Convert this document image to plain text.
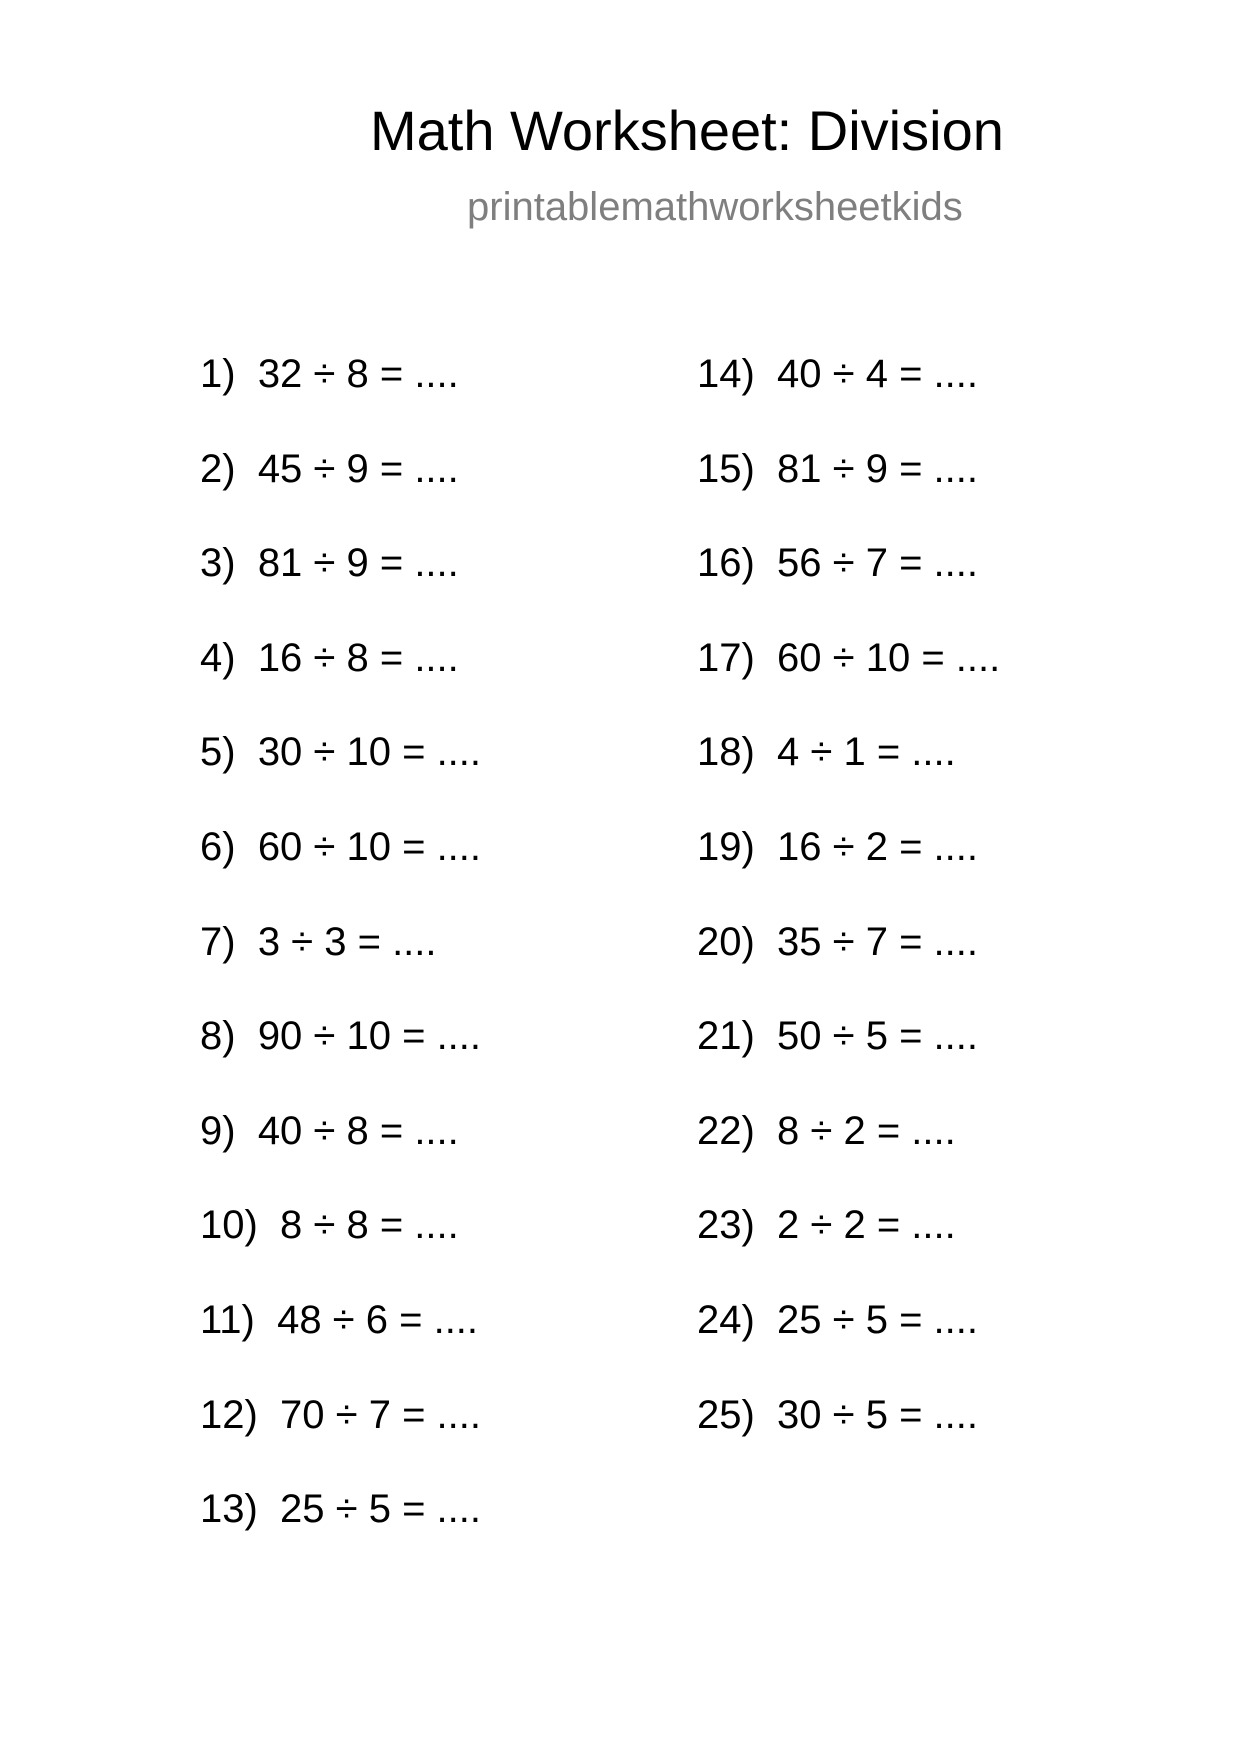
Math Worksheet: Division
printablemathworksheetkids
1) 32 ÷ 8 = ....
2) 45 ÷ 9 = ....
3) 81 ÷ 9 = ....
4) 16 ÷ 8 = ....
5) 30 ÷ 10 = ....
6) 60 ÷ 10 = ....
7) 3 ÷ 3 = ....
8) 90 ÷ 10 = ....
9) 40 ÷ 8 = ....
10) 8 ÷ 8 = ....
11) 48 ÷ 6 = ....
12) 70 ÷ 7 = ....
13) 25 ÷ 5 = ....
14) 40 ÷ 4 = ....
15) 81 ÷ 9 = ....
16) 56 ÷ 7 = ....
17) 60 ÷ 10 = ....
18) 4 ÷ 1 = ....
19) 16 ÷ 2 = ....
20) 35 ÷ 7 = ....
21) 50 ÷ 5 = ....
22) 8 ÷ 2 = ....
23) 2 ÷ 2 = ....
24) 25 ÷ 5 = ....
25) 30 ÷ 5 = ....
